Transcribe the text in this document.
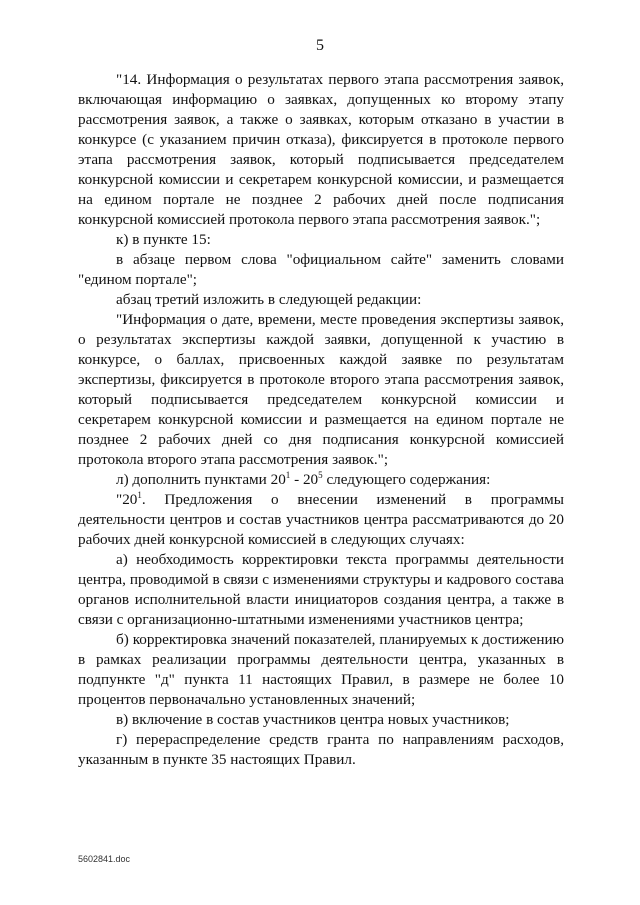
5

"14. Информация о результатах первого этапа рассмотрения заявок, включающая информацию о заявках, допущенных ко второму этапу рассмотрения заявок, а также о заявках, которым отказано в участии в конкурсе (с указанием причин отказа), фиксируется в протоколе первого этапа рассмотрения заявок, который подписывается председателем конкурсной комиссии и секретарем конкурсной комиссии, и размещается на едином портале не позднее 2 рабочих дней после подписания конкурсной комиссией протокола первого этапа рассмотрения заявок.";

к) в пункте 15:

в абзаце первом слова "официальном сайте" заменить словами "едином портале";

абзац третий изложить в следующей редакции:

"Информация о дате, времени, месте проведения экспертизы заявок, о результатах экспертизы каждой заявки, допущенной к участию в конкурсе, о баллах, присвоенных каждой заявке по результатам экспертизы, фиксируется в протоколе второго этапа рассмотрения заявок, который подписывается председателем конкурсной комиссии и секретарем конкурсной комиссии и размещается на едином портале не позднее 2 рабочих дней со дня подписания конкурсной комиссией протокола второго этапа рассмотрения заявок.";

л) дополнить пунктами $20^1 - 20^5$ следующего содержания:

"$20^1$. Предложения о внесении изменений в программы деятельности центров и состав участников центра рассматриваются до 20 рабочих дней конкурсной комиссией в следующих случаях:

а) необходимость корректировки текста программы деятельности центра, проводимой в связи с изменениями структуры и кадрового состава органов исполнительной власти инициаторов создания центра, а также в связи с организационно-штатными изменениями участников центра;

б) корректировка значений показателей, планируемых к достижению в рамках реализации программы деятельности центра, указанных в подпункте "д" пункта 11 настоящих Правил, в размере не более 10 процентов первоначально установленных значений;

в) включение в состав участников центра новых участников;

г) перераспределение средств гранта по направлениям расходов, указанным в пункте 35 настоящих Правил.

5602841.doc
